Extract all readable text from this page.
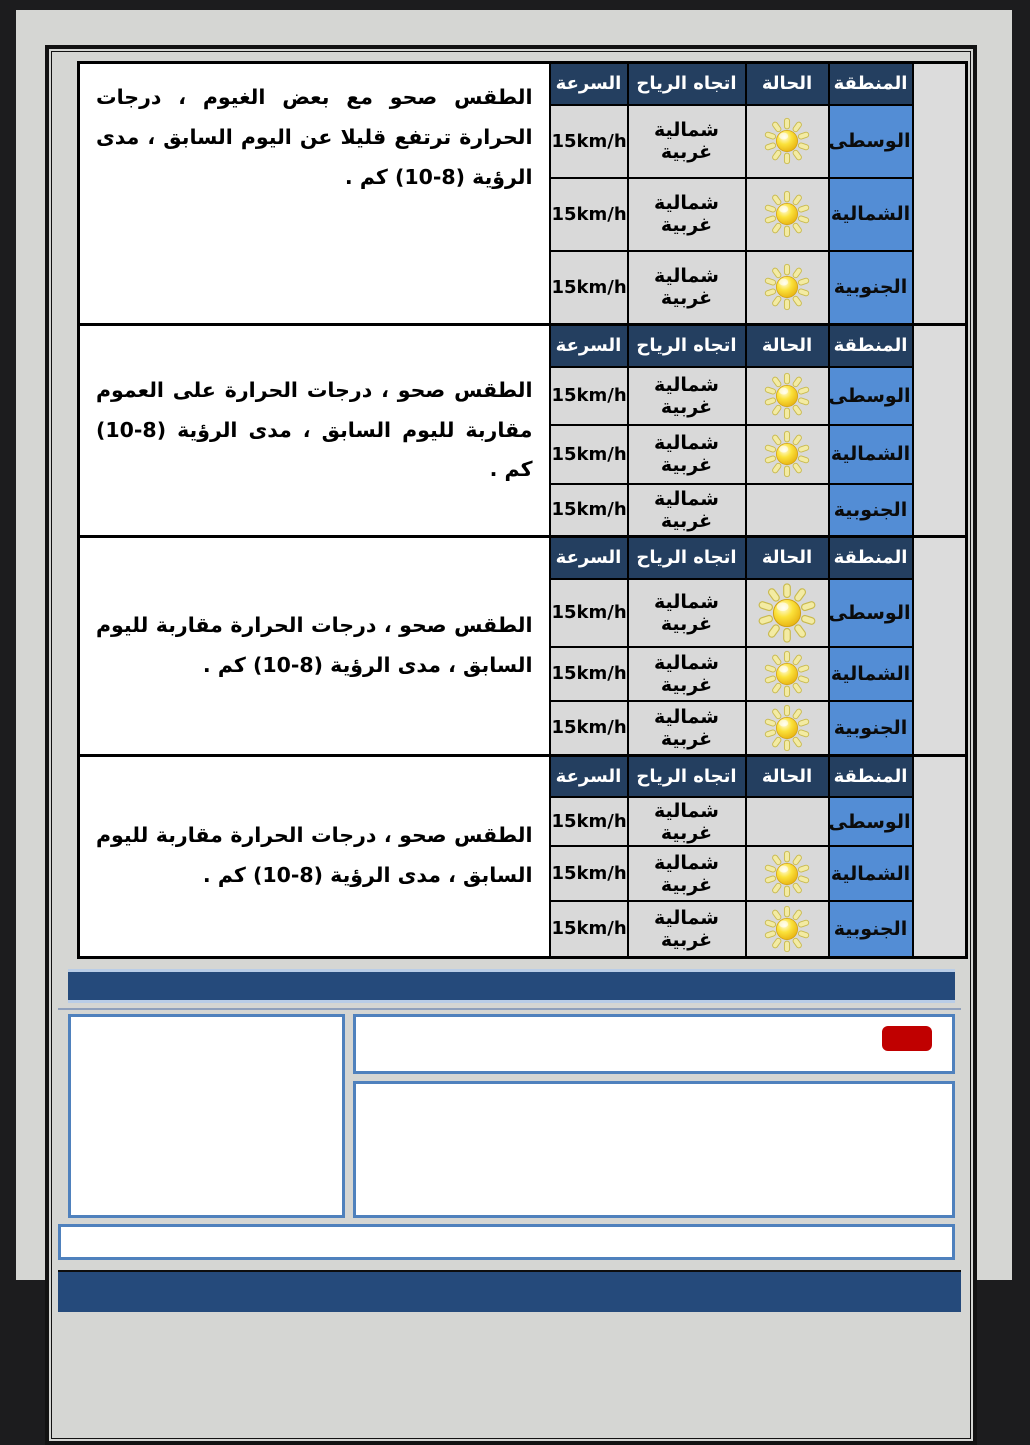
	المنطقة	الحالة	اتجاه الرياح	السرعة	الطقس صحو مع بعض الغيوم ، درجات الحرارة ترتفع قليلا عن اليوم السابق ، مدى الرؤية (8-10) كم .
	الوسطى		شمالية غربية	15km/h	
	الشمالية		شمالية غربية	15km/h	
	الجنوبية		شمالية غربية	15km/h	
	المنطقة	الحالة	اتجاه الرياح	السرعة	الطقس صحو ، درجات الحرارة على العموم مقاربة لليوم السابق ، مدى الرؤية (8-10) كم .
	الوسطى		شمالية غربية	15km/h	
	الشمالية		شمالية غربية	15km/h	
	الجنوبية		شمالية غربية	15km/h	
	المنطقة	الحالة	اتجاه الرياح	السرعة	الطقس صحو ، درجات الحرارة مقاربة لليوم السابق ، مدى الرؤية (8-10) كم .
	الوسطى		شمالية غربية	15km/h	
	الشمالية		شمالية غربية	15km/h	
	الجنوبية		شمالية غربية	15km/h	
	المنطقة	الحالة	اتجاه الرياح	السرعة	الطقس صحو ، درجات الحرارة مقاربة لليوم السابق ، مدى الرؤية (8-10) كم .
	الوسطى		شمالية غربية	15km/h	
	الشمالية		شمالية غربية	15km/h	
	الجنوبية		شمالية غربية	15km/h	
